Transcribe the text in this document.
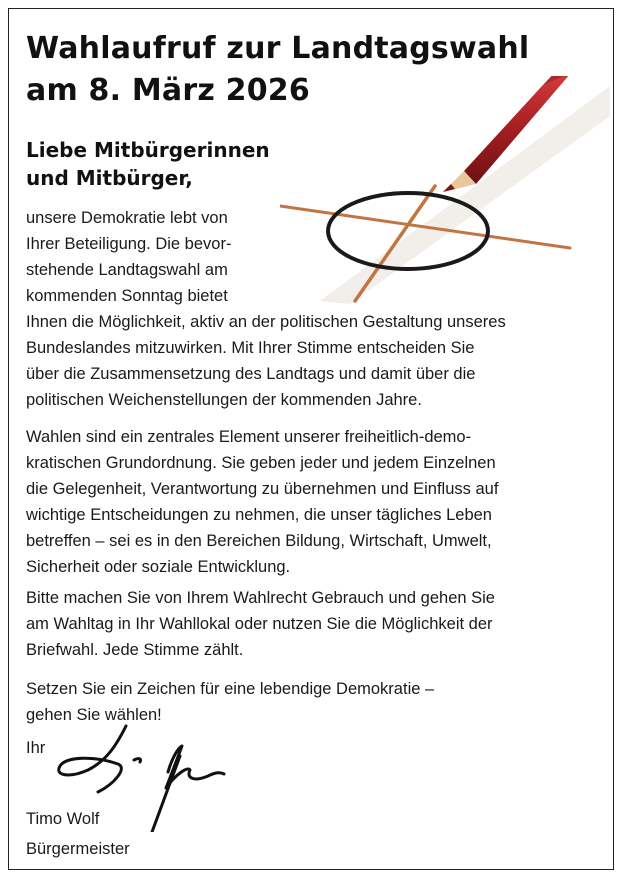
Wahlaufruf zur Landtagswahl
am 8. März 2026
Liebe Mitbürgerinnen
und Mitbürger,
unsere Demokratie lebt von
Ihrer Beteiligung. Die bevor-
stehende Landtagswahl am
kommenden Sonntag bietet
Ihnen die Möglichkeit, aktiv an der politischen Gestaltung unseres
Bundeslandes mitzuwirken. Mit Ihrer Stimme entscheiden Sie
über die Zusammensetzung des Landtags und damit über die
politischen Weichenstellungen der kommenden Jahre.
Wahlen sind ein zentrales Element unserer freiheitlich-demo-
kratischen Grundordnung. Sie geben jeder und jedem Einzelnen
die Gelegenheit, Verantwortung zu übernehmen und Einfluss auf
wichtige Entscheidungen zu nehmen, die unser tägliches Leben
betreffen – sei es in den Bereichen Bildung, Wirtschaft, Umwelt,
Sicherheit oder soziale Entwicklung.
Bitte machen Sie von Ihrem Wahlrecht Gebrauch und gehen Sie
am Wahltag in Ihr Wahllokal oder nutzen Sie die Möglichkeit der
Briefwahl. Jede Stimme zählt.
Setzen Sie ein Zeichen für eine lebendige Demokratie –
gehen Sie wählen!
Ihr
Timo Wolf
Bürgermeister
